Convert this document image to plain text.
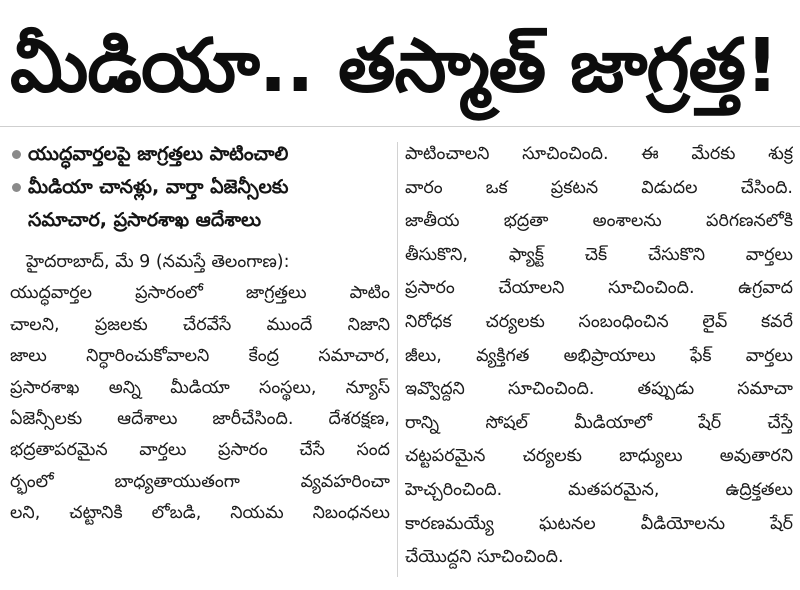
మీడియా.. తస్మాత్ జాగ్రత్త!
యుద్ధవార్తలపై జాగ్రత్తలు పాటించాలి
మీడియా చానళ్లు, వార్తా ఏజెన్సీలకు
సమాచార, ప్రసారశాఖ ఆదేశాలు
హైదరాబాద్, మే 9 (నమస్తే తెలంగాణ):
యుద్ధవార్తల ప్రసారంలో జాగ్రత్తలు పాటిం
చాలని, ప్రజలకు చేరవేసే ముందే నిజాని
జాలు నిర్ధారించుకోవాలని కేంద్ర సమాచార,
ప్రసారశాఖ అన్ని మీడియా సంస్థలు, న్యూస్
ఏజెన్సీలకు ఆదేశాలు జారీచేసింది. దేశరక్షణ,
భద్రతాపరమైన వార్తలు ప్రసారం చేసే సంద
ర్భంలో బాధ్యతాయుతంగా వ్యవహరించా
లని, చట్టానికి లోబడి, నియమ నిబంధనలు
పాటించాలని సూచించింది. ఈ మేరకు శుక్ర
వారం ఒక ప్రకటన విడుదల చేసింది.
జాతీయ భద్రతా అంశాలను పరిగణనలోకి
తీసుకొని, ఫ్యాక్ట్ చెక్ చేసుకొని వార్తలు
ప్రసారం చేయాలని సూచించింది. ఉగ్రవాద
నిరోధక చర్యలకు సంబంధించిన లైవ్ కవరే
జీలు, వ్యక్తిగత అభిప్రాయాలు ఫేక్ వార్తలు
ఇవ్వొద్దని సూచించింది. తప్పుడు సమాచా
రాన్ని సోషల్ మీడియాలో షేర్ చేస్తే
చట్టపరమైన చర్యలకు బాధ్యులు అవుతారని
హెచ్చరించింది. మతపరమైన, ఉద్రిక్తతలు
కారణమయ్యే ఘటనల వీడియోలను షేర్
చేయొద్దని సూచించింది.
